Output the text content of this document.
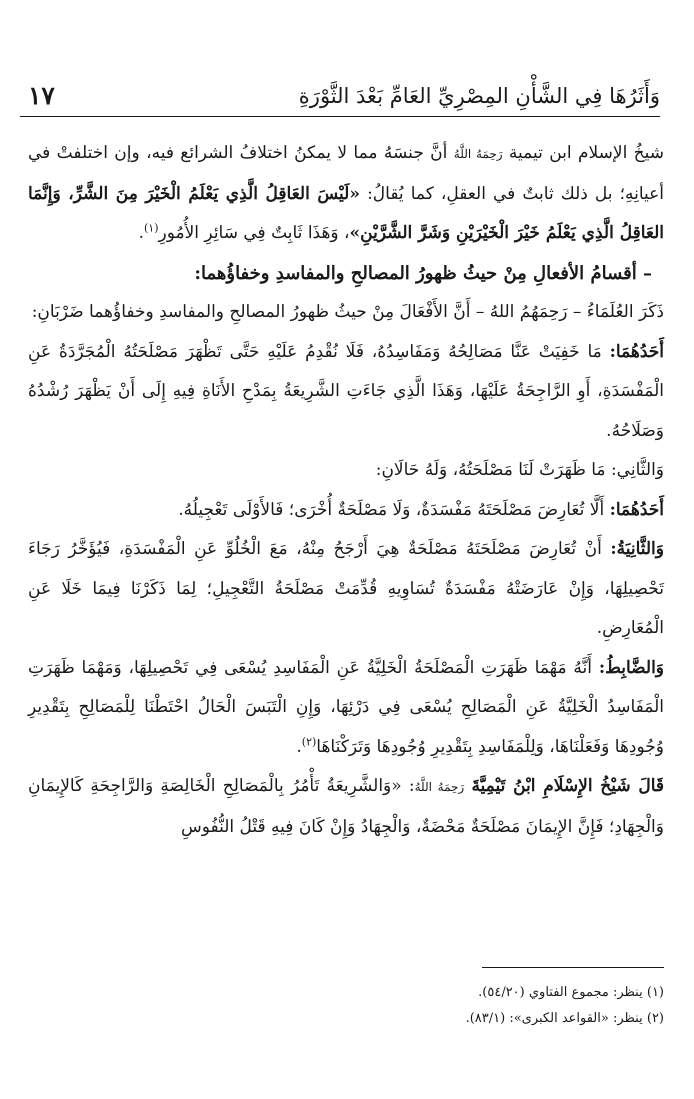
وَأَثَرُهَا فِي الشَّأْنِ المِصْرِيِّ العَامِّ بَعْدَ الثَّوْرَةِ
١٧

شيخُ الإسلام ابن تيمية رَحِمَهُ اللَّهُ أنَّ جنسَهُ مما لا يمكنُ اختلافُ الشرائع فيه، وإن اختلفتْ في أعيانِهِ؛ بل ذلك ثابتٌ في العقلِ، كما يُقالُ: «لَيْسَ العَاقِلُ الَّذِي يَعْلَمُ الْخَيْرَ مِنَ الشَّرِّ، وَإِنَّمَا العَاقِلُ الَّذِي يَعْلَمُ خَيْرَ الْخَيْرَيْنِ وَشَرَّ الشَّرَّيْنِ»، وَهَذَا ثَابِتٌ فِي سَائِرِ الأُمُورِ$^{(١)}$.

– أقسامُ الأفعالِ مِنْ حيثُ ظهورُ المصالحِ والمفاسدِ وخفاؤُهما:

ذَكَرَ العُلَمَاءُ – رَحِمَهُمُ اللهُ – أَنَّ الأَفْعَالَ مِنْ حيثُ ظهورُ المصالحِ والمفاسدِ وخفاؤُهما ضَرْبَانِ:

أَحَدُهُمَا: مَا خَفِيَتْ عَنَّا مَصَالِحُهُ وَمَفَاسِدُهُ، فَلَا نُقْدِمُ عَلَيْهِ حَتَّى تَظْهَرَ مَصْلَحَتُهُ الْمُجَرَّدَةُ عَنِ الْمَفْسَدَةِ، أَوِ الرَّاجِحَةُ عَلَيْهَا، وَهَذَا الَّذِي جَاءَتِ الشَّرِيعَةُ بِمَدْحِ الأَنَاةِ فِيهِ إِلَى أَنْ يَظْهَرَ رُشْدُهُ وَصَلَاحُهُ.

وَالثَّانِي: مَا ظَهَرَتْ لَنَا مَصْلَحَتُهُ، وَلَهُ حَالَانِ:

أَحَدُهُمَا: أَلَّا تُعَارِضَ مَصْلَحَتَهُ مَفْسَدَةٌ، وَلَا مَصْلَحَةٌ أُخْرَى؛ فَالأَوْلَى تَعْجِيلُهُ.

وَالثَّانِيَةُ: أَنْ تُعَارِضَ مَصْلَحَتَهُ مَصْلَحَةٌ هِيَ أَرْجَحُ مِنْهُ، مَعَ الْخُلُوِّ عَنِ الْمَفْسَدَةِ، فَيُؤَخَّرُ رَجَاءَ تَحْصِيلِهَا، وَإِنْ عَارَضَتْهُ مَفْسَدَةٌ تُسَاوِيهِ قُدِّمَتْ مَصْلَحَةُ التَّعْجِيلِ؛ لِمَا ذَكَرْنَا فِيمَا خَلَا عَنِ الْمُعَارِضِ.

وَالضَّابِطُ: أَنَّهُ مَهْمَا ظَهَرَتِ الْمَصْلَحَةُ الْخَلِيَّةُ عَنِ الْمَفَاسِدِ يُسْعَى فِي تَحْصِيلِهَا، وَمَهْمَا ظَهَرَتِ الْمَفَاسِدُ الْخَلِيَّةُ عَنِ الْمَصَالِحِ يُسْعَى فِي دَرْئِهَا، وَإِنِ الْتَبَسَ الْحَالُ احْتَطْنَا لِلْمَصَالِحِ بِتَقْدِيرِ وُجُودِهَا وَفَعَلْنَاهَا، وَلِلْمَفَاسِدِ بِتَقْدِيرِ وُجُودِهَا وَتَرَكْنَاهَا$^{(٢)}$.

قَالَ شَيْخُ الإِسْلَامِ ابْنُ تَيْمِيَّةَ رَحِمَهُ اللَّهُ: «وَالشَّرِيعَةُ تَأْمُرُ بِالْمَصَالِحِ الْخَالِصَةِ وَالرَّاجِحَةِ كَالإِيمَانِ وَالْجِهَادِ؛ فَإِنَّ الإِيمَانَ مَصْلَحَةٌ مَحْضَةٌ، وَالْجِهَادُ وَإِنْ كَانَ فِيهِ قَتْلُ النُّفُوسِ

(١) ينظر: مجموع الفتاوي (٥٤/٢٠).

(٢) ينظر: «القواعد الكبرى»: (٨٣/١).
